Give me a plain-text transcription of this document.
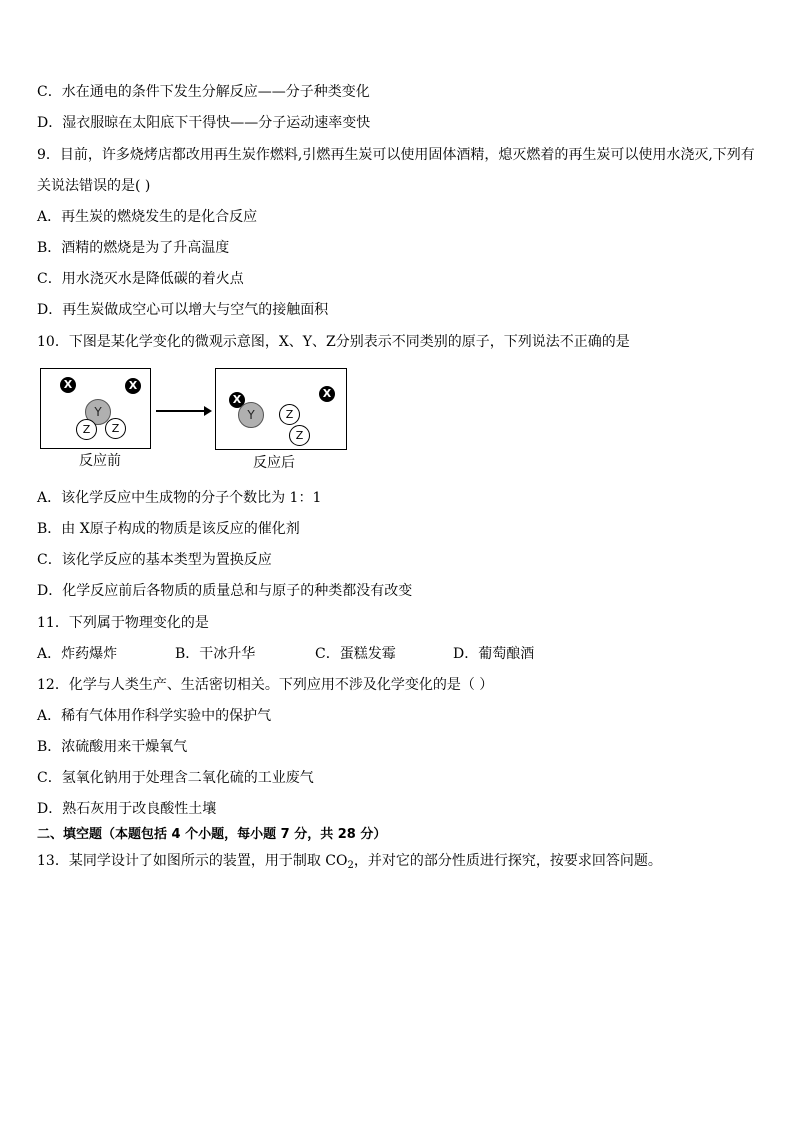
C．水在通电的条件下发生分解反应——分子种类变化
D．湿衣服晾在太阳底下干得快——分子运动速率变快
9．目前，许多烧烤店都改用再生炭作燃料,引燃再生炭可以使用固体酒精，熄灭燃着的再生炭可以使用水浇灭,下列有
关说法错误的是( )
A．再生炭的燃烧发生的是化合反应
B．酒精的燃烧是为了升高温度
C．用水浇灭水是降低碳的着火点
D．再生炭做成空心可以增大与空气的接触面积
10．下图是某化学变化的微观示意图，X、Y、Z分别表示不同类别的原子，下列说法不正确的是
X	X
Y
Z	Z
X
Y	Z
Z
X
反应前	反应后
A．该化学反应中生成物的分子个数比为 1：1
B．由 X原子构成的物质是该反应的催化剂
C．该化学反应的基本类型为置换反应
D．化学反应前后各物质的质量总和与原子的种类都没有改变
11．下列属于物理变化的是
A．炸药爆炸	B．干冰升华	C．蛋糕发霉	D．葡萄酿酒
12．化学与人类生产、生活密切相关。下列应用不涉及化学变化的是（ ）
A．稀有气体用作科学实验中的保护气
B．浓硫酸用来干燥氧气
C．氢氧化钠用于处理含二氧化硫的工业废气
D．熟石灰用于改良酸性土壤
二、填空题（本题包括 4 个小题，每小题 7 分，共 28 分）
13．某同学设计了如图所示的装置，用于制取 $CO_2$，并对它的部分性质进行探究，按要求回答问题。
